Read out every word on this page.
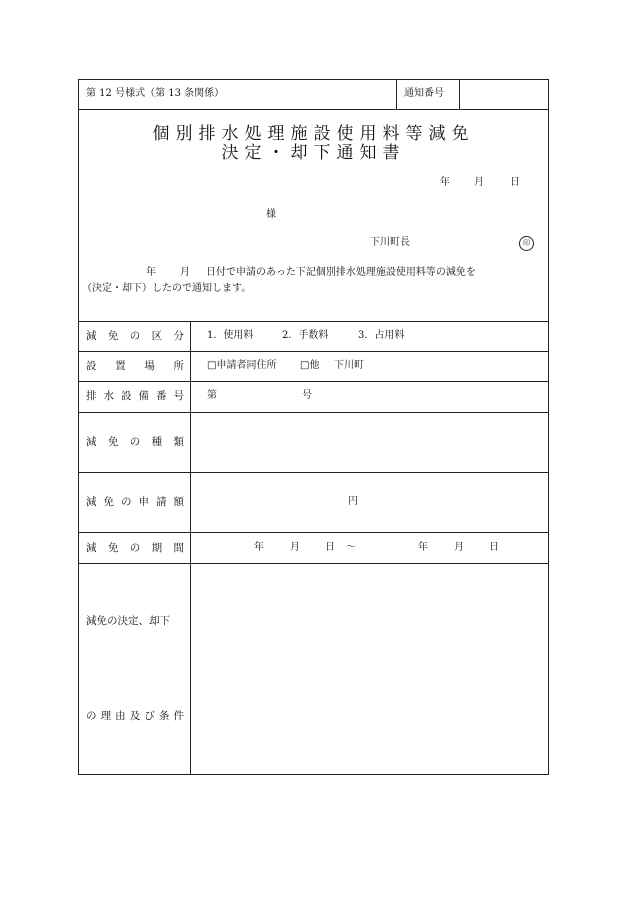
第 12 号様式（第 13 条関係）	通知番号
個別排水処理施設使用料等減免
決定・却下通知書
年 月	日
様
下川町長	印
年 月 日付で申請のあった下記個別排水処理施設使用料等の減免を
（決定・却下）したので通知します。
減 免 の 区 分 1．使用料	2．手数料	3．占用料
設 置 場 所 □申請者同住所 □他 下川町
排 水 設 備 番 号 第	号
減 免 の 種 類
減 免 の 申 請 額	円
減 免 の 期 間	年	月	日 ～	年	月	日
減免の決定、却下
の 理 由 及 び 条 件
